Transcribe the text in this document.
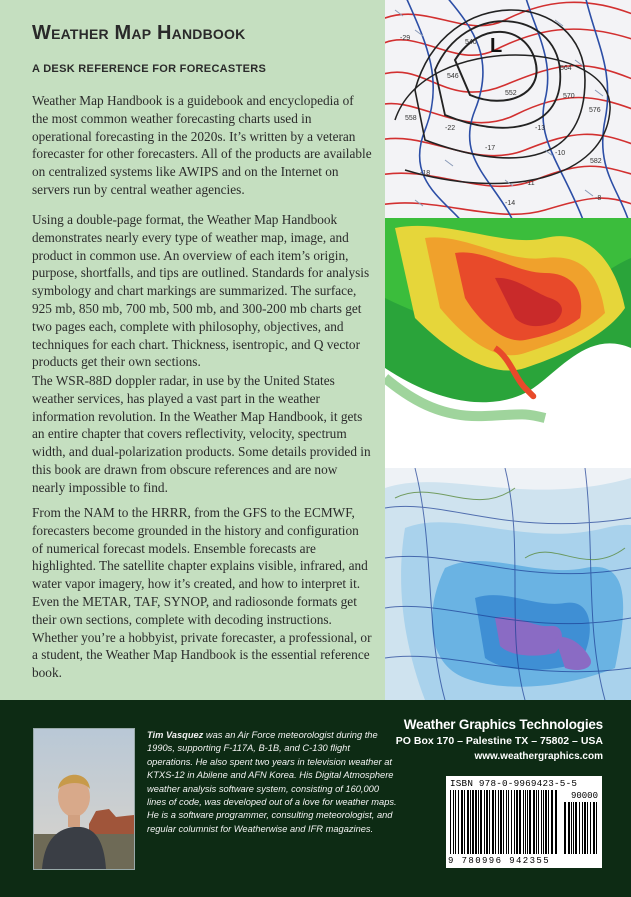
Weather Map Handbook
A DESK REFERENCE FOR FORECASTERS

Weather Map Handbook is a guidebook and encyclopedia of the most common weather forecasting charts used in operational forecasting in the 2020s. It’s written by a veteran forecaster for other forecasters. All of the products are available on centralized systems like AWIPS and on the Internet on servers run by central weather agencies.

Using a double-page format, the Weather Map Handbook demonstrates nearly every type of weather map, image, and product in common use. An overview of each item’s origin, purpose, shortfalls, and tips are outlined. Standards for analysis symbology and chart markings are summarized. The surface, 925 mb, 850 mb, 700 mb, 500 mb, and 300-200 mb charts get two pages each, complete with philosophy, objectives, and techniques for each chart. Thickness, isentropic, and Q vector products get their own sections.

The WSR-88D doppler radar, in use by the United States weather services, has played a vast part in the weather information revolution. In the Weather Map Handbook, it gets an entire chapter that covers reflectivity, velocity, spectrum width, and dual-polarization products. Some details provided in this book are drawn from obscure references and are now nearly impossible to find.

From the NAM to the HRRR, from the GFS to the ECMWF, forecasters become grounded in the history and configuration of numerical forecast models. Ensemble forecasts are highlighted. The satellite chapter explains visible, infrared, and water vapor imagery, how it’s created, and how to interpret it. Even the METAR, TAF, SYNOP, and radiosonde formats get their own sections, complete with decoding instructions. Whether you’re a hobbyist, private forecaster, a professional, or a student, the Weather Map Handbook is the essential reference book.

L
540
546
552
564
570
576
582
558
-29
-22
-17
-13
-10
-11
-14
-8
-18

Tim Vasquez was an Air Force meteorologist during the 1990s, supporting F-117A, B-1B, and C-130 flight operations. He also spent two years in television weather at KTXS-12 in Abilene and AFN Korea. His Digital Atmosphere weather analysis software system, consisting of 160,000 lines of code, was developed out of a love for weather maps. He is a software programmer, consulting meteorologist, and regular columnist for Weatherwise and IFR magazines.

Weather Graphics Technologies
PO Box 170 – Palestine TX – 75802 – USA
www.weathergraphics.com
ISBN 978-0-9969423-5-5
90000
9 780996 942355
